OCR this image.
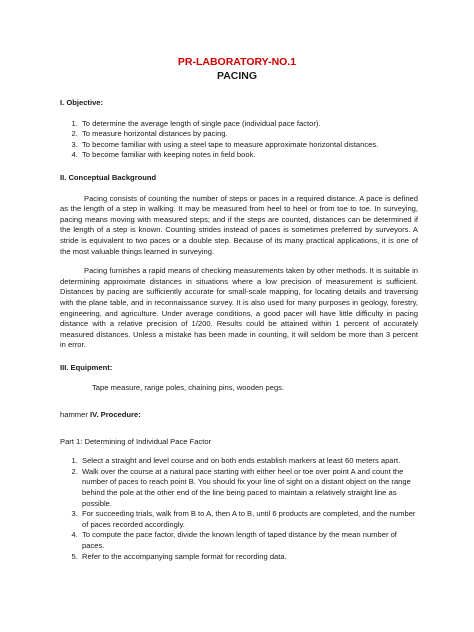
PR-LABORATORY-NO.1
PACING
I. Objective:
1. To determine the average length of single pace (individual pace factor).
2. To measure horizontal distances by pacing.
3. To become familiar with using a steel tape to measure approximate horizontal distances.
4. To become familiar with keeping notes in field book.
II. Conceptual Background

Pacing consists of counting the number of steps or paces in a required distance. A pace is defined as the length of a step in walking. It may be measured from heel to heel or from toe to toe. In surveying, pacing means moving with measured steps; and if the steps are counted, distances can be determined if the length of a step is known. Counting strides instead of paces is sometimes preferred by surveyors. A stride is equivalent to two paces or a double step. Because of its many practical applications, it is one of the most valuable things learned in surveying.

Pacing furnishes a rapid means of checking measurements taken by other methods. It is suitable in determining approximate distances in situations where a low precision of measurement is sufficient. Distances by pacing are sufficiently accurate for small-scale mapping, for locating details and traversing with the plane table, and in reconnaissance survey. It is also used for many purposes in geology, forestry, engineering, and agriculture. Under average conditions, a good pacer will have little difficulty in pacing distance with a relative precision of 1/200. Results could be attained within 1 percent of accurately measured distances. Unless a mistake has been made in counting, it will seldom be more than 3 percent in error.

III. Equipment:

Tape measure, range poles, chaining pins, wooden pegs.

hammer IV. Procedure:

Part 1: Determining of Individual Pace Factor

1. Select a straight and level course and on both ends establish markers at least 60 meters apart.
2. Walk over the course at a natural pace starting with either heel or toe over point A and count the number of paces to reach point B. You should fix your line of sight on a distant object on the range behind the pole at the other end of the line being paced to maintain a relatively straight line as possible.
3. For succeeding trials, walk from B to A, then A to B, until 6 products are completed, and the number of paces recorded accordingly.
4. To compute the pace factor, divide the known length of taped distance by the mean number of paces.
5. Refer to the accompanying sample format for recording data.
